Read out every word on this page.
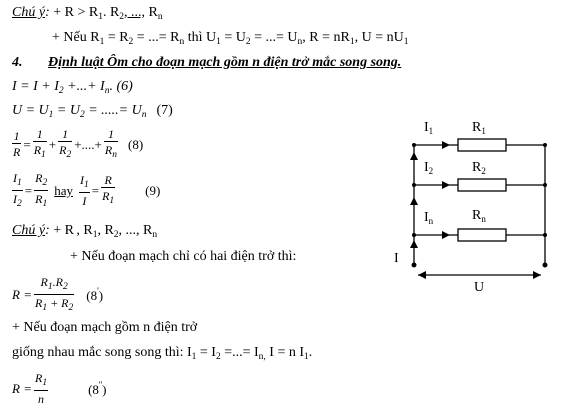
Chú ý: + $R > R_1$. $R_2$, ..., $R_n$
+ Nếu $R_1 = R_2$ = ...= $R_n$ thì $U_1 = U_2$ = ...= $U_n$, $R = nR_1$, $U = nU_1$
4. Định luật Ôm cho đoạn mạch gồm n điện trở mắc song song.
$I = I + I_2$ +...+ $I_n$. (6)
$U = U_1 = U_2$ = .....= $U_n$ (7)
$\frac{1}{R} = \frac{1}{R_1} + \frac{1}{R_2}$ +....+ $\frac{1}{R_n} (8)$
$\frac{I_1}{I_2} = \frac{R_2}{R_1}$ hay $\frac{I_1}{I} = \frac{R}{R_1} (9)$
Chú ý: + R , $R_1$, $R_2$, ..., $R_n$
+ Nếu đoạn mạch chỉ có hai điện trở thì:
$R = \frac{R_1.R_2}{R_1 + R_2} (8')$
+ Nếu đoạn mạch gồm n điện trở
giống nhau mắc song song thì: $I_1 = I_2$ =...= $I_{n,}$ I = n $I_1$.
$R = \frac{R_1}{n}$	(8'')
$I_1$	$R_1$
$I_2$	$R_2$
$I_n$	$R_n$
I
U
